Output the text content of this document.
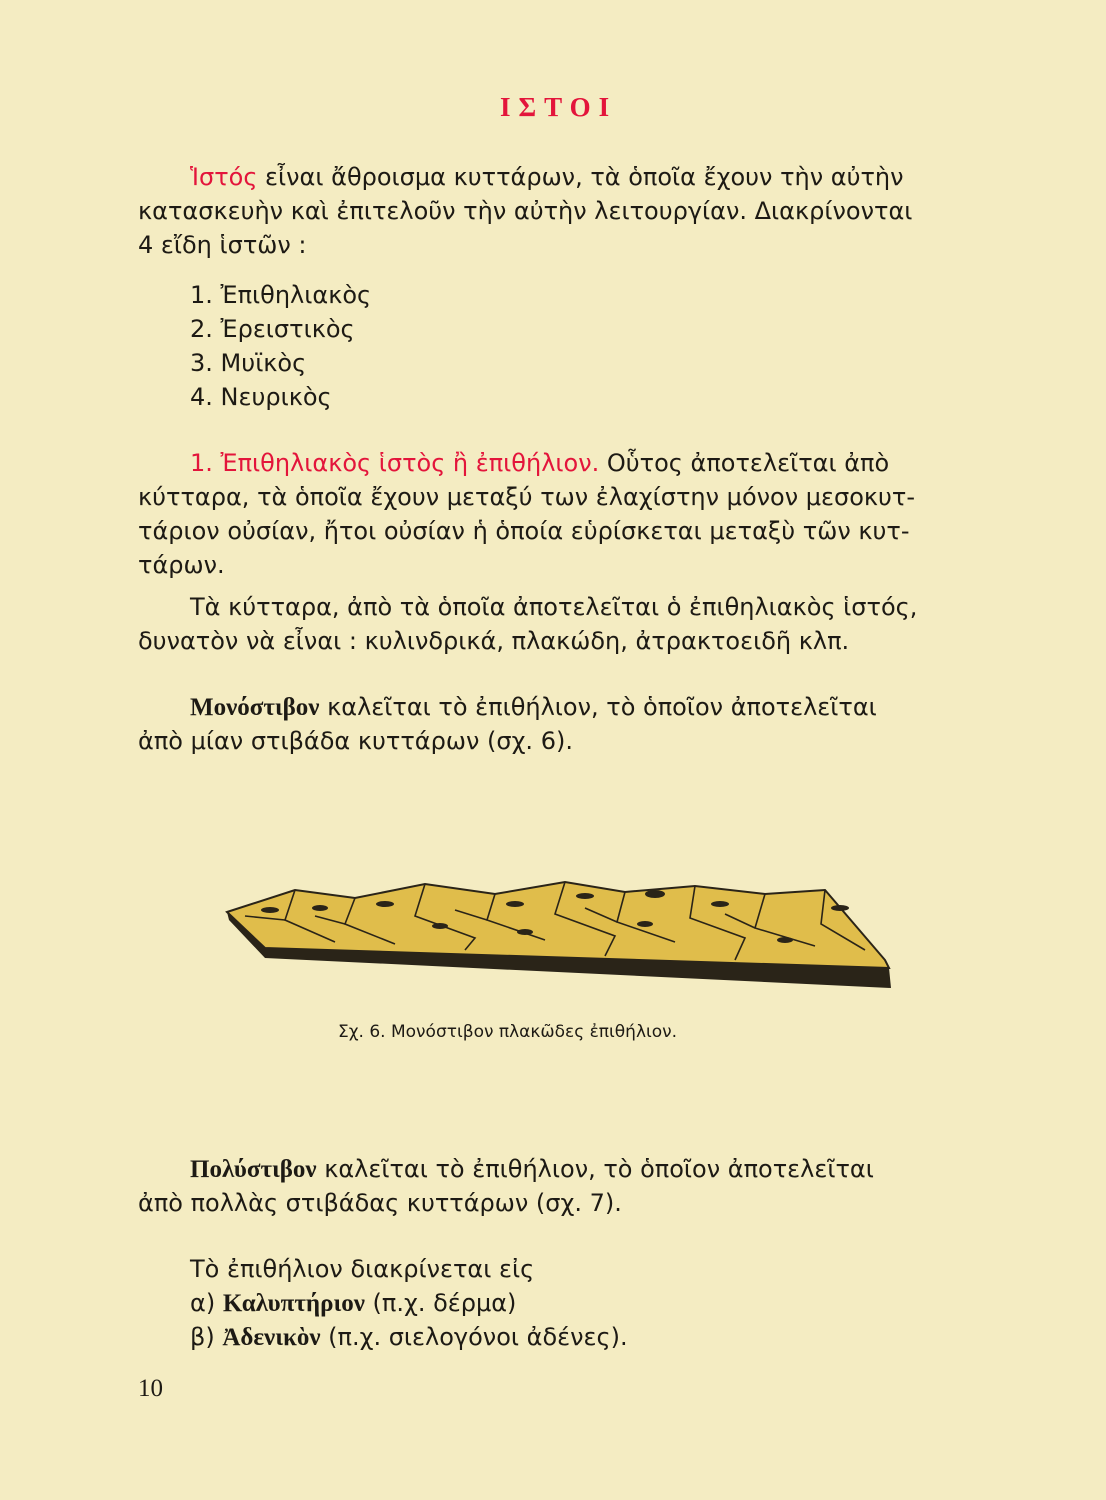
ΙΣΤΟΙ
Ἱστός εἶναι ἄθροισμα κυττάρων, τὰ ὁποῖα ἔχουν τὴν αὐτὴν
κατασκευὴν καὶ ἐπιτελοῦν τὴν αὐτὴν λειτουργίαν. Διακρίνονται
4 εἴδη ἱστῶν :
1. Ἐπιθηλιακὸς
2. Ἐρειστικὸς
3. Μυϊκὸς
4. Νευρικὸς
1. Ἐπιθηλιακὸς ἱστὸς ἢ ἐπιθήλιον. Οὗτος ἀποτελεῖται ἀπὸ
κύτταρα, τὰ ὁποῖα ἔχουν μεταξύ των ἐλαχίστην μόνον μεσοκυτ-
τάριον οὐσίαν, ἤτοι οὐσίαν ἡ ὁποία εὑρίσκεται μεταξὺ τῶν κυτ-
τάρων.
Τὰ κύτταρα, ἀπὸ τὰ ὁποῖα ἀποτελεῖται ὁ ἐπιθηλιακὸς ἱστός,
δυνατὸν νὰ εἶναι : κυλινδρικά, πλακώδη, ἀτρακτοειδῆ κλπ.
Μονόστιβον καλεῖται τὸ ἐπιθήλιον, τὸ ὁποῖον ἀποτελεῖται
ἀπὸ μίαν στιβάδα κυττάρων (σχ. 6).
Σχ. 6. Μονόστιβον πλακῶδες ἐπιθήλιον.
Πολύστιβον καλεῖται τὸ ἐπιθήλιον, τὸ ὁποῖον ἀποτελεῖται
ἀπὸ πολλὰς στιβάδας κυττάρων (σχ. 7).
Τὸ ἐπιθήλιον διακρίνεται εἰς
α) Καλυπτήριον (π.χ. δέρμα)
β) Ἀδενικὸν (π.χ. σιελογόνοι ἀδένες).
10
